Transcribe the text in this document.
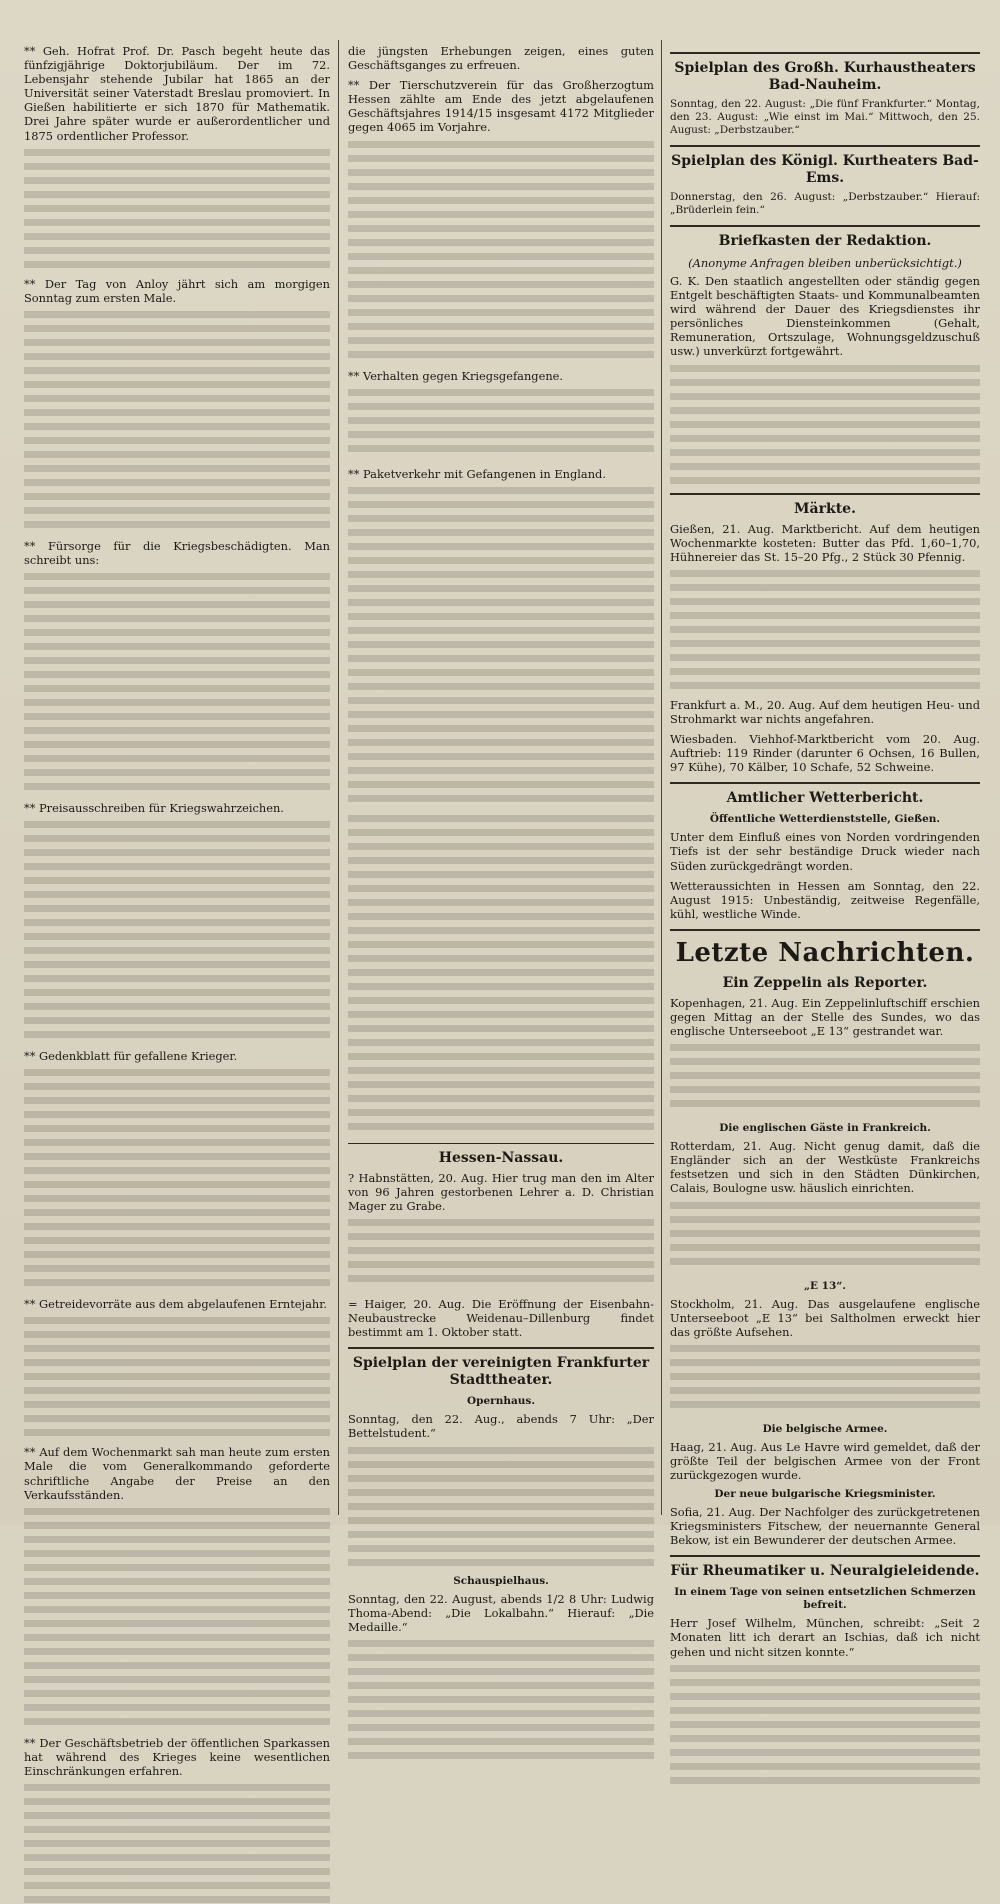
** Geh. Hofrat Prof. Dr. Pasch begeht heute das fünfzigjährige Doktorjubiläum. Der im 72. Lebensjahr stehende Jubilar hat 1865 an der Universität seiner Vaterstadt Breslau promoviert. In Gießen habilitierte er sich 1870 für Mathematik. Drei Jahre später wurde er außerordentlicher und 1875 ordentlicher Professor.

** Der Tag von Anloy jährt sich am morgigen Sonntag zum ersten Male.

** Fürsorge für die Kriegsbeschädigten. Man schreibt uns:

** Preisausschreiben für Kriegswahrzeichen.

** Gedenkblatt für gefallene Krieger.

** Getreidevorräte aus dem abgelaufenen Erntejahr.

** Auf dem Wochenmarkt sah man heute zum ersten Male die vom Generalkommando geforderte schriftliche Angabe der Preise an den Verkaufsständen.

** Der Geschäftsbetrieb der öffentlichen Sparkassen hat während des Krieges keine wesentlichen Einschränkungen erfahren.

die jüngsten Erhebungen zeigen, eines guten Geschäftsganges zu erfreuen.

** Der Tierschutzverein für das Großherzogtum Hessen zählte am Ende des jetzt abgelaufenen Geschäftsjahres 1914/15 insgesamt 4172 Mitglieder gegen 4065 im Vorjahre.

** Verhalten gegen Kriegsgefangene.

** Paketverkehr mit Gefangenen in England.

Hessen-Nassau.

? Habnstätten, 20. Aug. Hier trug man den im Alter von 96 Jahren gestorbenen Lehrer a. D. Christian Mager zu Grabe.

= Haiger, 20. Aug. Die Eröffnung der Eisenbahn-Neubaustrecke Weidenau–Dillenburg findet bestimmt am 1. Oktober statt.

Spielplan der vereinigten Frankfurter Stadttheater.
Opernhaus.

Sonntag, den 22. Aug., abends 7 Uhr: „Der Bettelstudent.“

Schauspielhaus.

Sonntag, den 22. August, abends 1/2 8 Uhr: Ludwig Thoma-Abend: „Die Lokalbahn.“ Hierauf: „Die Medaille.“

Spielplan des Großh. Kurhaustheaters Bad-Nauheim.

Sonntag, den 22. August: „Die fünf Frankfurter.“ Montag, den 23. August: „Wie einst im Mai.“ Mittwoch, den 25. August: „Derbstzauber.“

Spielplan des Königl. Kurtheaters Bad-Ems.

Donnerstag, den 26. August: „Derbstzauber.“ Hierauf: „Brüderlein fein.“

Briefkasten der Redaktion.
(Anonyme Anfragen bleiben unberücksichtigt.)

G. K. Den staatlich angestellten oder ständig gegen Entgelt beschäftigten Staats- und Kommunalbeamten wird während der Dauer des Kriegsdienstes ihr persönliches Diensteinkommen (Gehalt, Remuneration, Ortszulage, Wohnungsgeldzuschuß usw.) unverkürzt fortgewährt.

Märkte.

Gießen, 21. Aug. Marktbericht. Auf dem heutigen Wochenmarkte kosteten: Butter das Pfd. 1,60–1,70, Hühnereier das St. 15–20 Pfg., 2 Stück 30 Pfennig.

Frankfurt a. M., 20. Aug. Auf dem heutigen Heu- und Strohmarkt war nichts angefahren.

Wiesbaden. Viehhof-Marktbericht vom 20. Aug. Auftrieb: 119 Rinder (darunter 6 Ochsen, 16 Bullen, 97 Kühe), 70 Kälber, 10 Schafe, 52 Schweine.

Amtlicher Wetterbericht.
Öffentliche Wetterdienststelle, Gießen.

Unter dem Einfluß eines von Norden vordringenden Tiefs ist der sehr beständige Druck wieder nach Süden zurückgedrängt worden.

Wetteraussichten in Hessen am Sonntag, den 22. August 1915: Unbeständig, zeitweise Regenfälle, kühl, westliche Winde.

Letzte Nachrichten.
Ein Zeppelin als Reporter.

Kopenhagen, 21. Aug. Ein Zeppelinluftschiff erschien gegen Mittag an der Stelle des Sundes, wo das englische Unterseeboot „E 13“ gestrandet war.

Die englischen Gäste in Frankreich.

Rotterdam, 21. Aug. Nicht genug damit, daß die Engländer sich an der Westküste Frankreichs festsetzen und sich in den Städten Dünkirchen, Calais, Boulogne usw. häuslich einrichten.

„E 13“.

Stockholm, 21. Aug. Das ausgelaufene englische Unterseeboot „E 13“ bei Saltholmen erweckt hier das größte Aufsehen.

Die belgische Armee.

Haag, 21. Aug. Aus Le Havre wird gemeldet, daß der größte Teil der belgischen Armee von der Front zurückgezogen wurde.

Der neue bulgarische Kriegsminister.

Sofia, 21. Aug. Der Nachfolger des zurückgetretenen Kriegsministers Fitschew, der neuernannte General Bekow, ist ein Bewunderer der deutschen Armee.

Für Rheumatiker u. Neuralgieleidende.
In einem Tage von seinen entsetzlichen Schmerzen befreit.

Herr Josef Wilhelm, München, schreibt: „Seit 2 Monaten litt ich derart an Ischias, daß ich nicht gehen und nicht sitzen konnte.“
